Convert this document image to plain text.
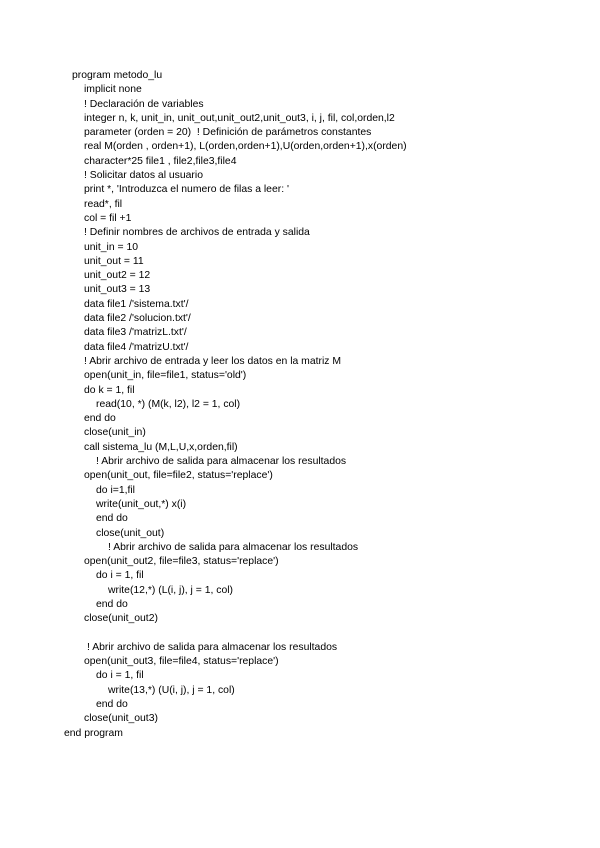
program metodo_lu
implicit none
! Declaración de variables
integer n, k, unit_in, unit_out,unit_out2,unit_out3, i, j, fil, col,orden,l2
parameter (orden = 20)  ! Definición de parámetros constantes
real M(orden , orden+1), L(orden,orden+1),U(orden,orden+1),x(orden)
character*25 file1 , file2,file3,file4
! Solicitar datos al usuario
print *, 'Introduzca el numero de filas a leer: '
read*, fil
col = fil +1
! Definir nombres de archivos de entrada y salida
unit_in = 10
unit_out = 11
unit_out2 = 12
unit_out3 = 13
data file1 /'sistema.txt'/
data file2 /'solucion.txt'/
data file3 /'matrizL.txt'/
data file4 /'matrizU.txt'/
! Abrir archivo de entrada y leer los datos en la matriz M
open(unit_in, file=file1, status='old')
do k = 1, fil
read(10, *) (M(k, l2), l2 = 1, col)
end do
close(unit_in)
call sistema_lu (M,L,U,x,orden,fil)
! Abrir archivo de salida para almacenar los resultados
open(unit_out, file=file2, status='replace')
do i=1,fil
write(unit_out,*) x(i)
end do
close(unit_out)
! Abrir archivo de salida para almacenar los resultados
open(unit_out2, file=file3, status='replace')
do i = 1, fil
write(12,*) (L(i, j), j = 1, col)
end do
close(unit_out2)
! Abrir archivo de salida para almacenar los resultados
open(unit_out3, file=file4, status='replace')
do i = 1, fil
write(13,*) (U(i, j), j = 1, col)
end do
close(unit_out3)
end program
